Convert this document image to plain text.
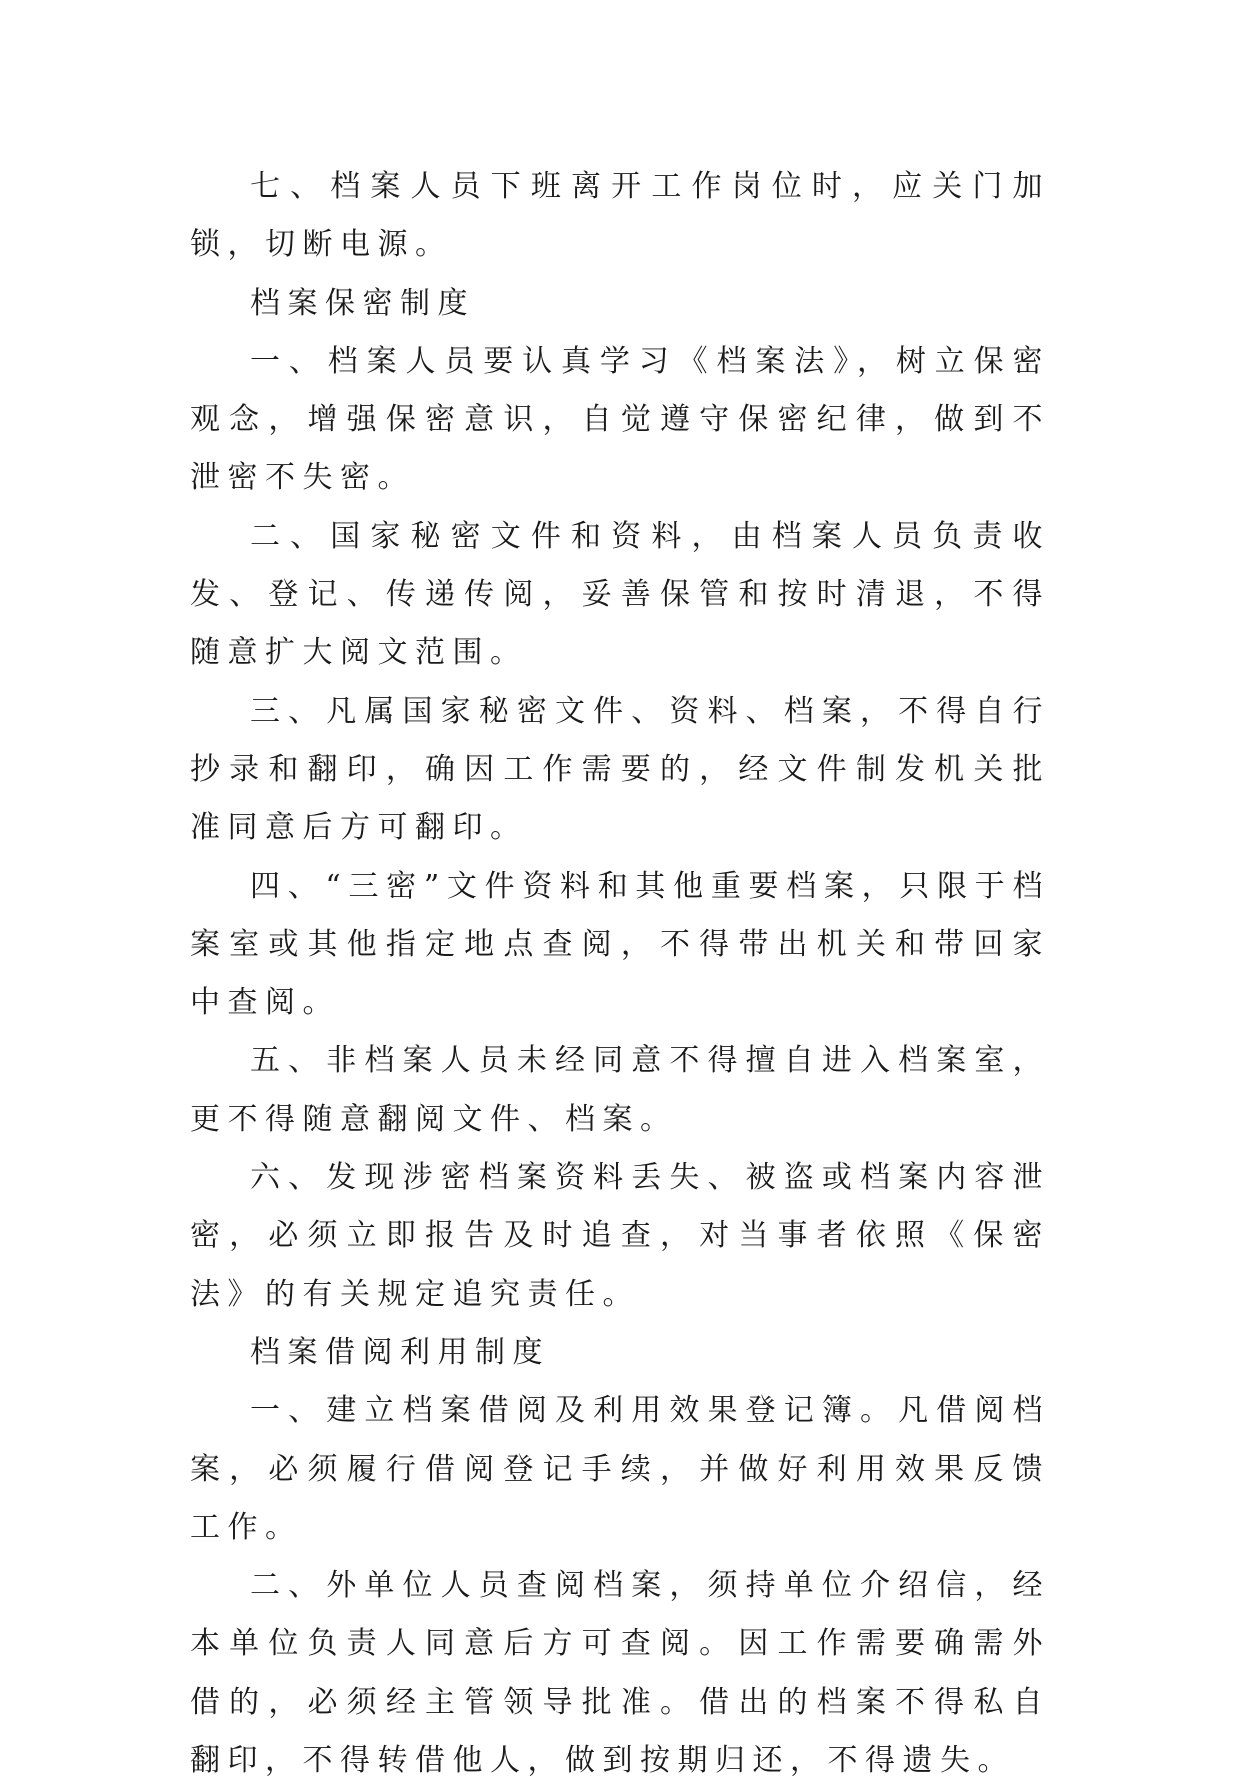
七、档案人员下班离开工作岗位时，应关门加锁，切断电源。

档案保密制度

一、档案人员要认真学习《档案法》，树立保密观念，增强保密意识，自觉遵守保密纪律，做到不泄密不失密。

二、国家秘密文件和资料，由档案人员负责收发、登记、传递传阅，妥善保管和按时清退，不得随意扩大阅文范围。

三、凡属国家秘密文件、资料、档案，不得自行抄录和翻印，确因工作需要的，经文件制发机关批准同意后方可翻印。

四、“三密”文件资料和其他重要档案，只限于档案室或其他指定地点查阅，不得带出机关和带回家中查阅。

五、非档案人员未经同意不得擅自进入档案室，更不得随意翻阅文件、档案。

六、发现涉密档案资料丢失、被盗或档案内容泄密，必须立即报告及时追查，对当事者依照《保密法》的有关规定追究责任。

档案借阅利用制度

一、建立档案借阅及利用效果登记簿。凡借阅档案，必须履行借阅登记手续，并做好利用效果反馈工作。

二、外单位人员查阅档案，须持单位介绍信，经本单位负责人同意后方可查阅。因工作需要确需外借的，必须经主管领导批准。借出的档案不得私自翻印，不得转借他人，做到按期归还，不得遗失。
